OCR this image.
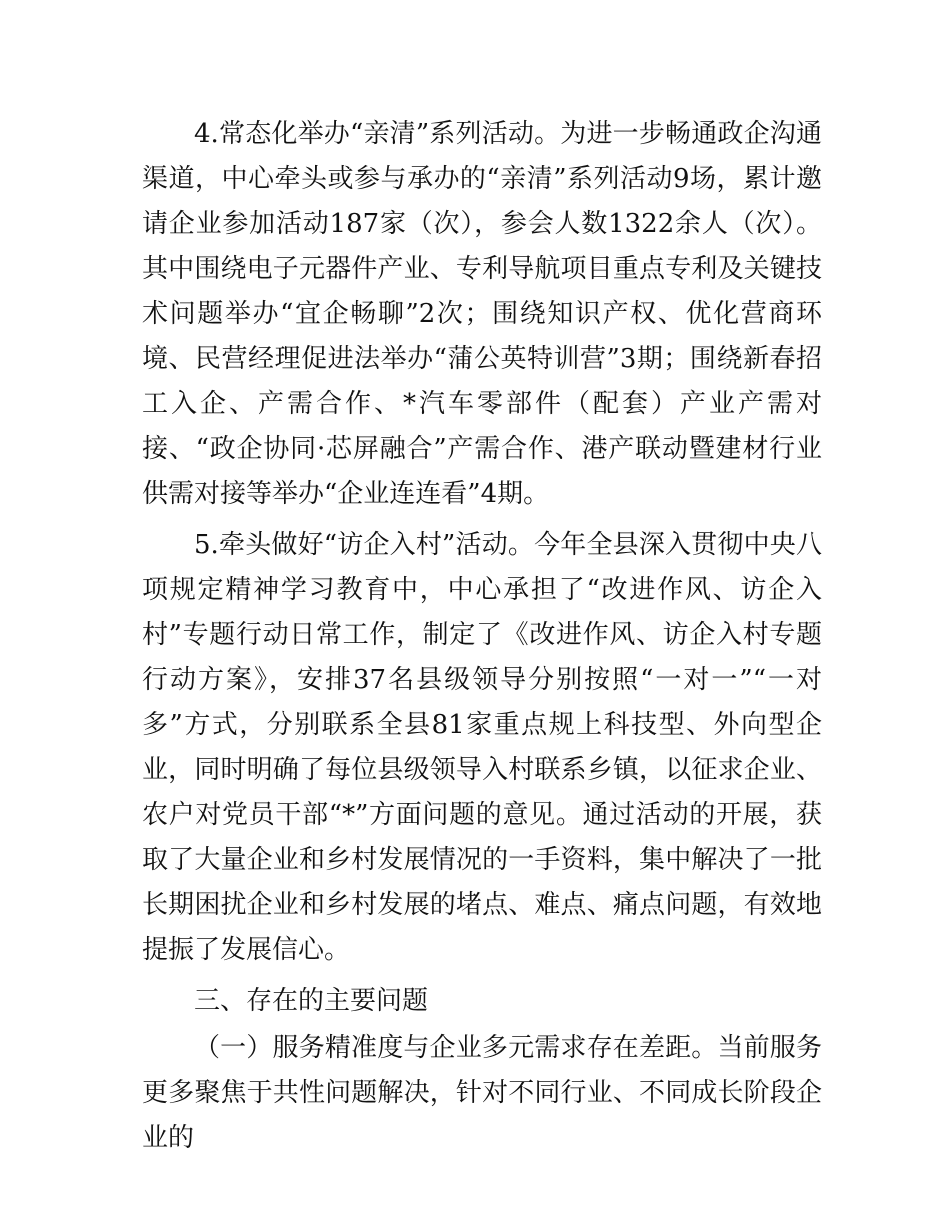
4.常态化举办“亲清”系列活动。为进一步畅通政企沟通渠道，中心牵头或参与承办的“亲清”系列活动9场，累计邀请企业参加活动187家（次），参会人数1322余人（次）。其中围绕电子元器件产业、专利导航项目重点专利及关键技术问题举办“宜企畅聊”2次；围绕知识产权、优化营商环境、民营经理促进法举办“蒲公英特训营”3期；围绕新春招工入企、产需合作、*汽车零部件（配套）产业产需对接、“政企协同·芯屏融合”产需合作、港产联动暨建材行业供需对接等举办“企业连连看”4期。

5.牵头做好“访企入村”活动。今年全县深入贯彻中央八项规定精神学习教育中，中心承担了“改进作风、访企入村”专题行动日常工作，制定了《改进作风、访企入村专题行动方案》，安排37名县级领导分别按照“一对一”“一对多”方式，分别联系全县81家重点规上科技型、外向型企业，同时明确了每位县级领导入村联系乡镇，以征求企业、农户对党员干部“*”方面问题的意见。通过活动的开展，获取了大量企业和乡村发展情况的一手资料，集中解决了一批长期困扰企业和乡村发展的堵点、难点、痛点问题，有效地提振了发展信心。

三、存在的主要问题

（一）服务精准度与企业多元需求存在差距。当前服务更多聚焦于共性问题解决，针对不同行业、不同成长阶段企业的
